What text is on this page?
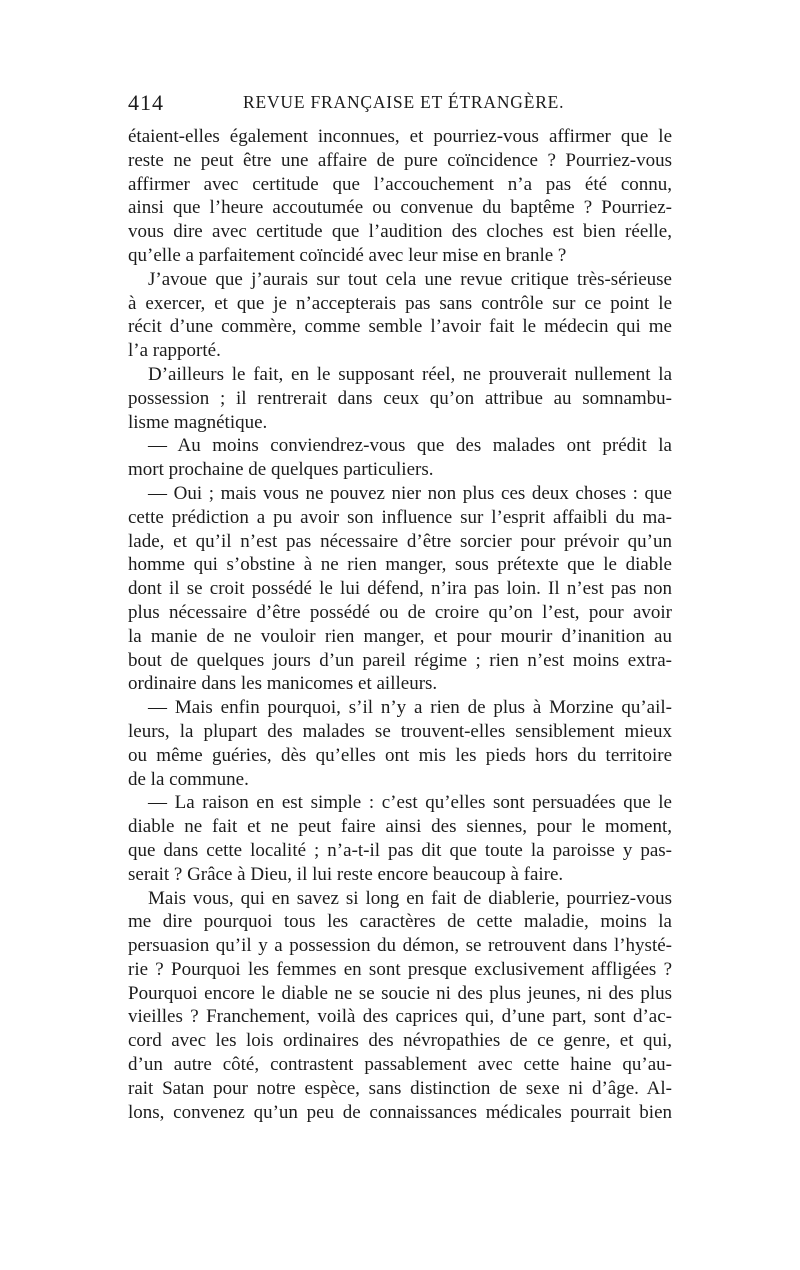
414	REVUE FRANÇAISE ET ÉTRANGÈRE.
étaient-elles également inconnues, et pourriez-vous affirmer que le
reste ne peut être une affaire de pure coïncidence ? Pourriez-vous
affirmer avec certitude que l’accouchement n’a pas été connu,
ainsi que l’heure accoutumée ou convenue du baptême ? Pourriez-
vous dire avec certitude que l’audition des cloches est bien réelle,
qu’elle a parfaitement coïncidé avec leur mise en branle ?
J’avoue que j’aurais sur tout cela une revue critique très-sérieuse
à exercer, et que je n’accepterais pas sans contrôle sur ce point le
récit d’une commère, comme semble l’avoir fait le médecin qui me
l’a rapporté.
D’ailleurs le fait, en le supposant réel, ne prouverait nullement la
possession ; il rentrerait dans ceux qu’on attribue au somnambu-
lisme magnétique.
— Au moins conviendrez-vous que des malades ont prédit la
mort prochaine de quelques particuliers.
— Oui ; mais vous ne pouvez nier non plus ces deux choses : que
cette prédiction a pu avoir son influence sur l’esprit affaibli du ma-
lade, et qu’il n’est pas nécessaire d’être sorcier pour prévoir qu’un
homme qui s’obstine à ne rien manger, sous prétexte que le diable
dont il se croit possédé le lui défend, n’ira pas loin. Il n’est pas non
plus nécessaire d’être possédé ou de croire qu’on l’est, pour avoir
la manie de ne vouloir rien manger, et pour mourir d’inanition au
bout de quelques jours d’un pareil régime ; rien n’est moins extra-
ordinaire dans les manicomes et ailleurs.
— Mais enfin pourquoi, s’il n’y a rien de plus à Morzine qu’ail-
leurs, la plupart des malades se trouvent-elles sensiblement mieux
ou même guéries, dès qu’elles ont mis les pieds hors du territoire
de la commune.
— La raison en est simple : c’est qu’elles sont persuadées que le
diable ne fait et ne peut faire ainsi des siennes, pour le moment,
que dans cette localité ; n’a-t-il pas dit que toute la paroisse y pas-
serait ? Grâce à Dieu, il lui reste encore beaucoup à faire.
Mais vous, qui en savez si long en fait de diablerie, pourriez-vous
me dire pourquoi tous les caractères de cette maladie, moins la
persuasion qu’il y a possession du démon, se retrouvent dans l’hysté-
rie ? Pourquoi les femmes en sont presque exclusivement affligées ?
Pourquoi encore le diable ne se soucie ni des plus jeunes, ni des plus
vieilles ? Franchement, voilà des caprices qui, d’une part, sont d’ac-
cord avec les lois ordinaires des névropathies de ce genre, et qui,
d’un autre côté, contrastent passablement avec cette haine qu’au-
rait Satan pour notre espèce, sans distinction de sexe ni d’âge. Al-
lons, convenez qu’un peu de connaissances médicales pourrait bien
